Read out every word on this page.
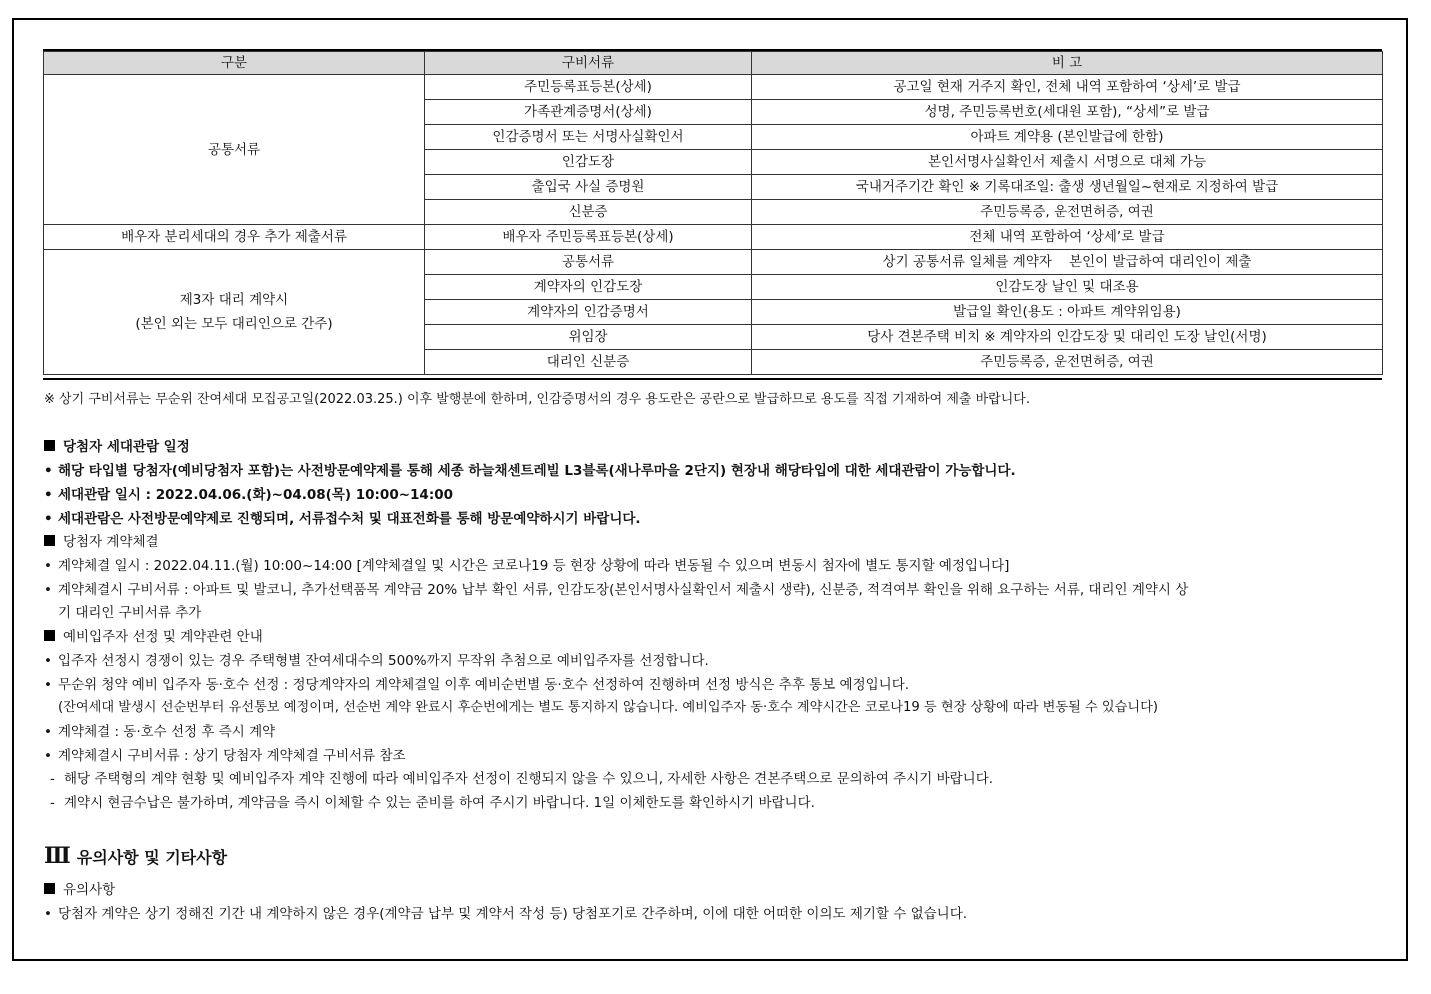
구분	구비서류	비 고
공통서류	주민등록표등본(상세)	공고일 현재 거주지 확인, 전체 내역 포함하여 ‘상세’로 발급
	가족관계증명서(상세)	성명, 주민등록번호(세대원 포함), “상세”로 발급
	인감증명서 또는 서명사실확인서	아파트 계약용 (본인발급에 한함)
	인감도장	본인서명사실확인서 제출시 서명으로 대체 가능
	출입국 사실 증명원	국내거주기간 확인 ※ 기록대조일: 출생 생년월일~현재로 지정하여 발급
	신분증	주민등록증, 운전면허증, 여권
배우자 분리세대의 경우 추가 제출서류	배우자 주민등록표등본(상세)	전체 내역 포함하여 ‘상세’로 발급

제3자 대리 계약시
(본인 외는 모두 대리인으로 간주)	공통서류	상기 공통서류 일체를 계약자    본인이 발급하여 대리인이 제출
	계약자의 인감도장	인감도장 날인 및 대조용
	계약자의 인감증명서	발급일 확인(용도 : 아파트 계약위임용)
	위임장	당사 견본주택 비치 ※ 계약자의 인감도장 및 대리인 도장 날인(서명)
	대리인 신분증	주민등록증, 운전면허증, 여권
※ 상기 구비서류는 무순위 잔여세대 모집공고일(2022.03.25.) 이후 발행분에 한하며, 인감증명서의 경우 용도란은 공란으로 발급하므로 용도를 직접 기재하여 제출 바랍니다.
당첨자 세대관람 일정
• 해당 타입별 당첨자(예비당첨자 포함)는 사전방문예약제를 통해 세종 하늘채센트레빌 L3블록(새나루마을 2단지) 현장내 해당타입에 대한 세대관람이 가능합니다.
• 세대관람 일시 : 2022.04.06.(화)~04.08(목) 10:00~14:00
• 세대관람은 사전방문예약제로 진행되며, 서류접수처 및 대표전화를 통해 방문예약하시기 바랍니다.
당첨자 계약체결
• 계약체결 일시 : 2022.04.11.(월) 10:00~14:00 [계약체결일 및 시간은 코로나19 등 현장 상황에 따라 변동될 수 있으며 변동시 첨자에 별도 통지할 예정입니다]
• 계약체결시 구비서류 : 아파트 및 발코니, 추가선택품목 계약금 20% 납부 확인 서류, 인감도장(본인서명사실확인서 제출시 생략), 신분증, 적격여부 확인을 위해 요구하는 서류, 대리인 계약시 상
기 대리인 구비서류 추가
예비입주자 선정 및 계약관련 안내
• 입주자 선정시 경쟁이 있는 경우 주택형별 잔여세대수의 500%까지 무작위 추첨으로 예비입주자를 선정합니다.
• 무순위 청약 예비 입주자 동·호수 선정 : 정당계약자의 계약체결일 이후 예비순번별 동·호수 선정하여 진행하며 선정 방식은 추후 통보 예정입니다.
(잔여세대 발생시 선순번부터 유선통보 예정이며, 선순번 계약 완료시 후순번에게는 별도 통지하지 않습니다. 예비입주자 동·호수 계약시간은 코로나19 등 현장 상황에 따라 변동될 수 있습니다)
• 계약체결 : 동·호수 선정 후 즉시 계약
• 계약체결시 구비서류 : 상기 당첨자 계약체결 구비서류 참조
- 해당 주택형의 계약 현황 및 예비입주자 계약 진행에 따라 예비입주자 선정이 진행되지 않을 수 있으니, 자세한 사항은 견본주택으로 문의하여 주시기 바랍니다.
- 계약시 현금수납은 불가하며, 계약금을 즉시 이체할 수 있는 준비를 하여 주시기 바랍니다. 1일 이체한도를 확인하시기 바랍니다.
Ⅲ 유의사항 및 기타사항
유의사항
• 당첨자 계약은 상기 정해진 기간 내 계약하지 않은 경우(계약금 납부 및 계약서 작성 등) 당첨포기로 간주하며, 이에 대한 어떠한 이의도 제기할 수 없습니다.
